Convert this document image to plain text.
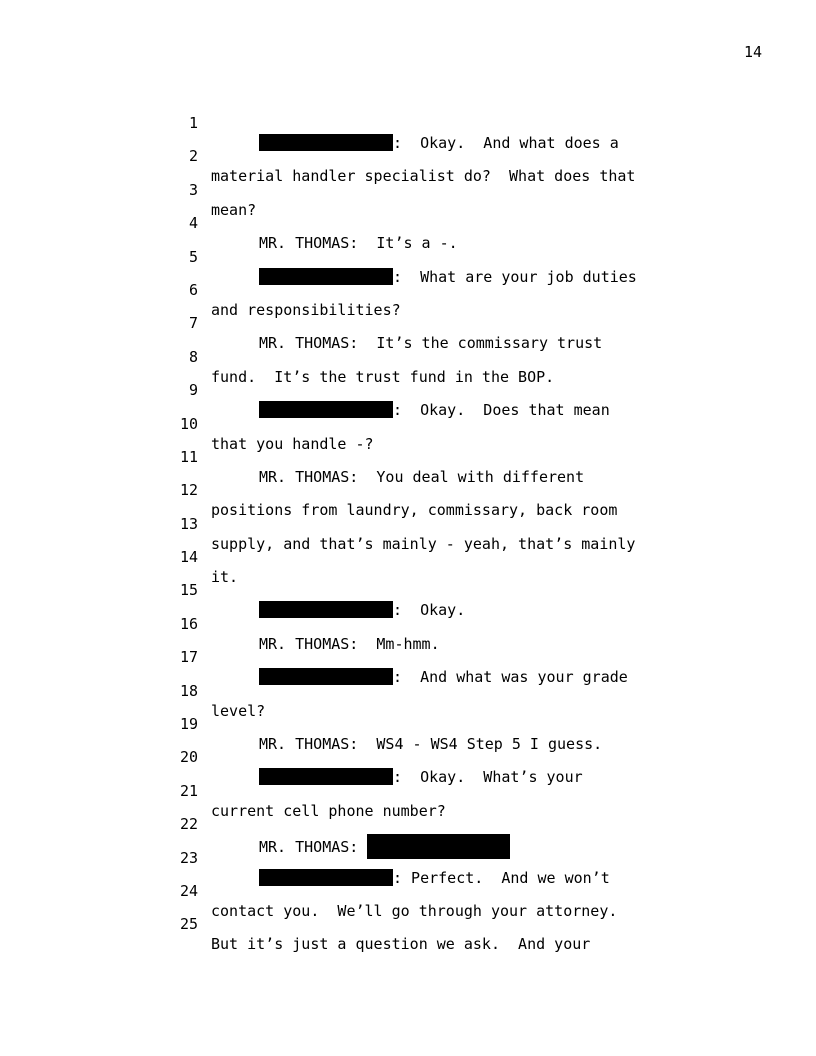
14

1

:  Okay.  And what does a

2

material handler specialist do?  What does that

3

mean?

4

MR. THOMAS:  It’s a -.

5

:  What are your job duties

6

and responsibilities?

7

MR. THOMAS:  It’s the commissary trust

8

fund.  It’s the trust fund in the BOP.

9

:  Okay.  Does that mean

10

that you handle -?

11

MR. THOMAS:  You deal with different

12

positions from laundry, commissary, back room

13

supply, and that’s mainly - yeah, that’s mainly

14

it.

15

:  Okay.

16

MR. THOMAS:  Mm-hmm.

17

:  And what was your grade

18

level?

19

MR. THOMAS:  WS4 - WS4 Step 5 I guess.

20

:  Okay.  What’s your

21

current cell phone number?

22

MR. THOMAS:

23

: Perfect.  And we won’t

24

contact you.  We’ll go through your attorney.

25

But it’s just a question we ask.  And your
